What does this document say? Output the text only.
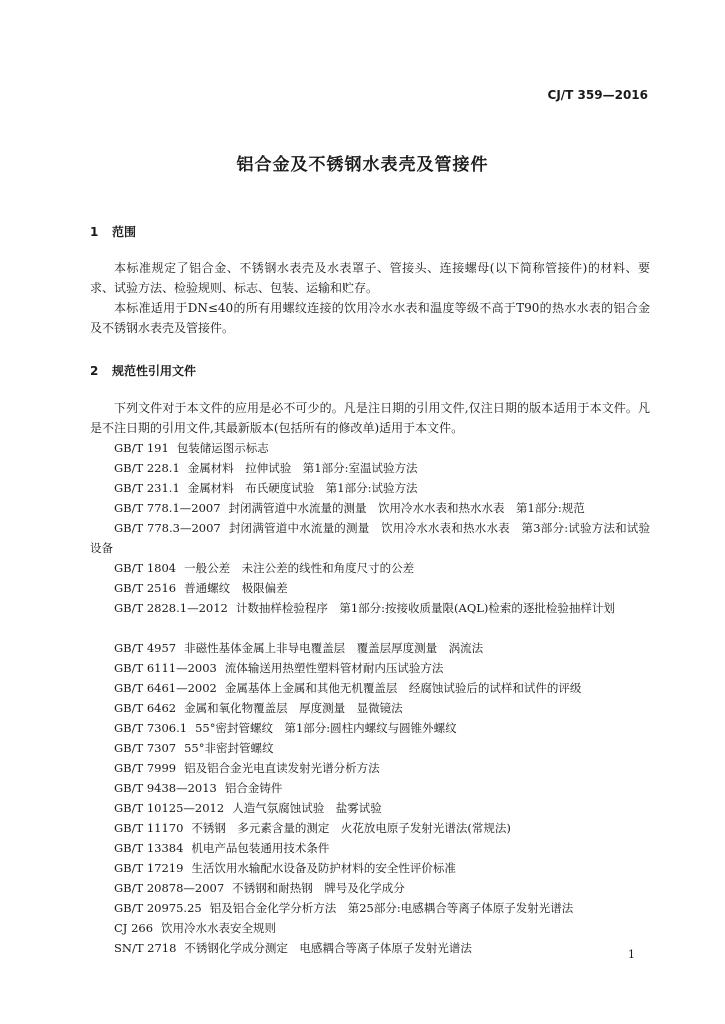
CJ/T 359—2016
铝合金及不锈钢水表壳及管接件
1 范围
本标准规定了铝合金、不锈钢水表壳及水表罩子、管接头、连接螺母(以下简称管接件)的材料、要求、试验方法、检验规则、标志、包装、运输和贮存。
本标准适用于DN≤40的所有用螺纹连接的饮用冷水水表和温度等级不高于T90的热水水表的铝合金及不锈钢水表壳及管接件。
2 规范性引用文件
下列文件对于本文件的应用是必不可少的。凡是注日期的引用文件,仅注日期的版本适用于本文件。凡是不注日期的引用文件,其最新版本(包括所有的修改单)适用于本文件。
GB/T 191 包装储运图示标志
GB/T 228.1 金属材料　拉伸试验　第1部分:室温试验方法
GB/T 231.1 金属材料　布氏硬度试验　第1部分:试验方法
GB/T 778.1—2007 封闭满管道中水流量的测量　饮用冷水水表和热水水表　第1部分:规范
GB/T 778.3—2007 封闭满管道中水流量的测量　饮用冷水水表和热水水表　第3部分:试验方法和试验设备
GB/T 1804 一般公差　未注公差的线性和角度尺寸的公差
GB/T 2516 普通螺纹　极限偏差
GB/T 2828.1—2012 计数抽样检验程序　第1部分:按接收质量限(AQL)检索的逐批检验抽样计划
GB/T 4957 非磁性基体金属上非导电覆盖层　覆盖层厚度测量　涡流法
GB/T 6111—2003 流体输送用热塑性塑料管材耐内压试验方法
GB/T 6461—2002 金属基体上金属和其他无机覆盖层　经腐蚀试验后的试样和试件的评级
GB/T 6462 金属和氧化物覆盖层　厚度测量　显微镜法
GB/T 7306.1 55°密封管螺纹　第1部分:圆柱内螺纹与圆锥外螺纹
GB/T 7307 55°非密封管螺纹
GB/T 7999 铝及铝合金光电直读发射光谱分析方法
GB/T 9438—2013 铝合金铸件
GB/T 10125—2012 人造气氛腐蚀试验　盐雾试验
GB/T 11170 不锈钢　多元素含量的测定　火花放电原子发射光谱法(常规法)
GB/T 13384 机电产品包装通用技术条件
GB/T 17219 生活饮用水输配水设备及防护材料的安全性评价标准
GB/T 20878—2007 不锈钢和耐热钢　牌号及化学成分
GB/T 20975.25 铝及铝合金化学分析方法　第25部分:电感耦合等离子体原子发射光谱法
CJ 266 饮用冷水水表安全规则
SN/T 2718 不锈钢化学成分测定　电感耦合等离子体原子发射光谱法	1
